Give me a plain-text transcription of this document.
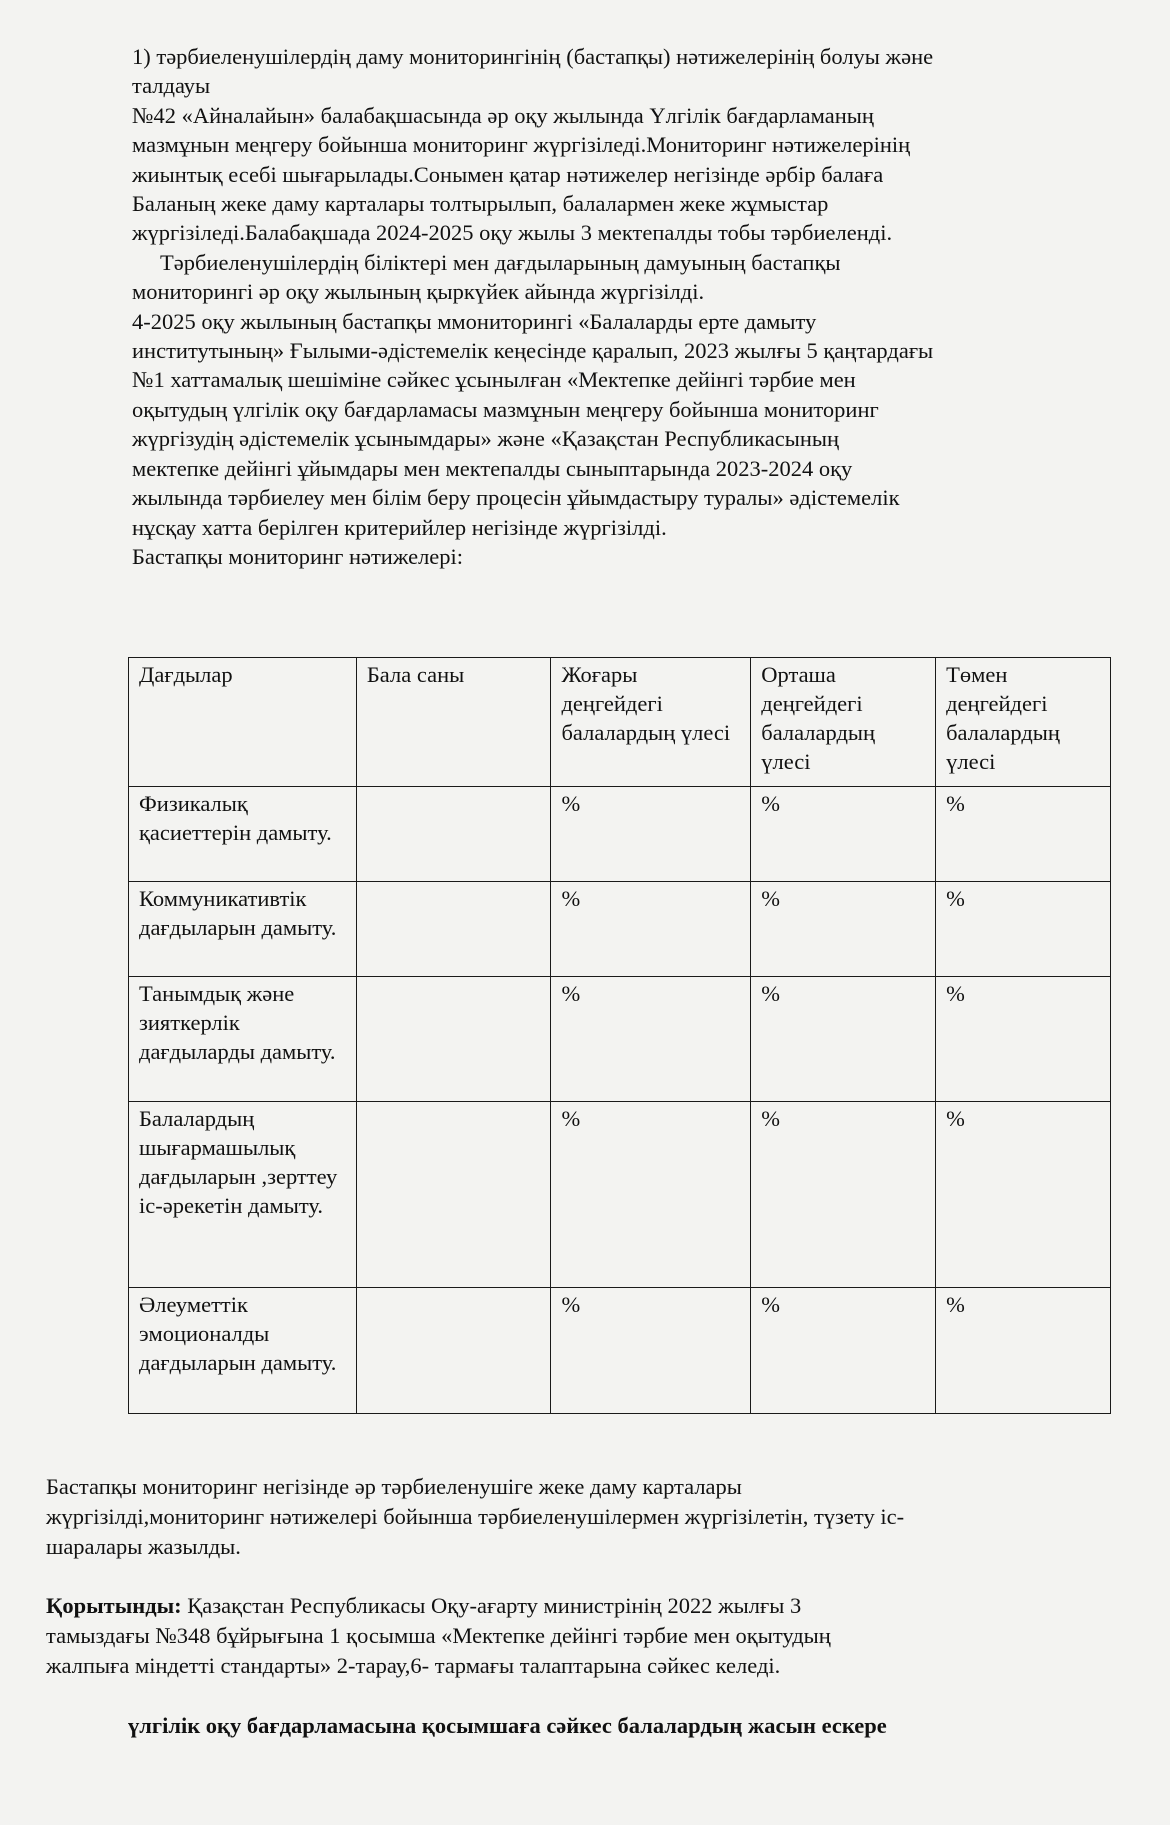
1) тәрбиеленушілердің даму мониторингінің (бастапқы) нәтижелерінің болуы және
талдауы
№42 «Айналайын» балабақшасында әр оқу жылында Үлгілік бағдарламаның
мазмұнын меңгеру бойынша мониторинг жүргізіледі.Мониторинг нәтижелерінің
жиынтық есебі шығарылады.Сонымен қатар нәтижелер негізінде әрбір балаға
Баланың жеке даму карталары толтырылып, балалармен жеке жұмыстар
жүргізіледі.Балабақшада 2024-2025 оқу жылы 3 мектепалды тобы тәрбиеленді.
Тәрбиеленушілердің біліктері мен дағдыларының дамуының бастапқы
мониторингі әр оқу жылының қыркүйек айында жүргізілді.
4-2025 оқу жылының бастапқы ммониторингі «Балаларды ерте дамыту
институтының» Ғылыми-әдістемелік кеңесінде қаралып, 2023 жылғы 5 қаңтардағы
№1 хаттамалық шешіміне сәйкес ұсынылған «Мектепке дейінгі тәрбие мен
оқытудың үлгілік оқу бағдарламасы мазмұнын меңгеру бойынша мониторинг
жүргізудің әдістемелік ұсынымдары» және «Қазақстан Республикасының
мектепке дейінгі ұйымдары мен мектепалды сыныптарында 2023-2024 оқу
жылында тәрбиелеу мен білім беру процесін ұйымдастыру туралы» әдістемелік
нұсқау хатта берілген критерийлер негізінде жүргізілді.
Бастапқы мониторинг нәтижелері:
Дағдылар	Бала саны	Жоғары деңгейдегі балалардың үлесі	Орташа деңгейдегі балалардың үлесі	Төмен деңгейдегі балалардың үлесі
Физикалық қасиеттерін дамыту.		%	%	%
Коммуникативтік дағдыларын дамыту.		%	%	%
Танымдық және зияткерлік дағдыларды дамыту.		%	%	%
Балалардың шығармашылық дағдыларын ,зерттеу іс-әрекетін дамыту.		%	%	%
Әлеуметтік эмоционалды дағдыларын дамыту.		%	%	%
Бастапқы мониторинг негізінде әр тәрбиеленушіге жеке даму карталары
жүргізілді,мониторинг нәтижелері бойынша тәрбиеленушілермен жүргізілетін, түзету іс-
шаралары жазылды.
Қорытынды: Қазақстан Республикасы Оқу-ағарту министрінің 2022 жылғы 3
тамыздағы №348 бұйрығына 1 қосымша «Мектепке дейінгі тәрбие мен оқытудың
жалпыға міндетті стандарты» 2-тарау,6- тармағы талаптарына сәйкес келеді.
үлгілік оқу бағдарламасына қосымшаға сәйкес балалардың жасын ескере
